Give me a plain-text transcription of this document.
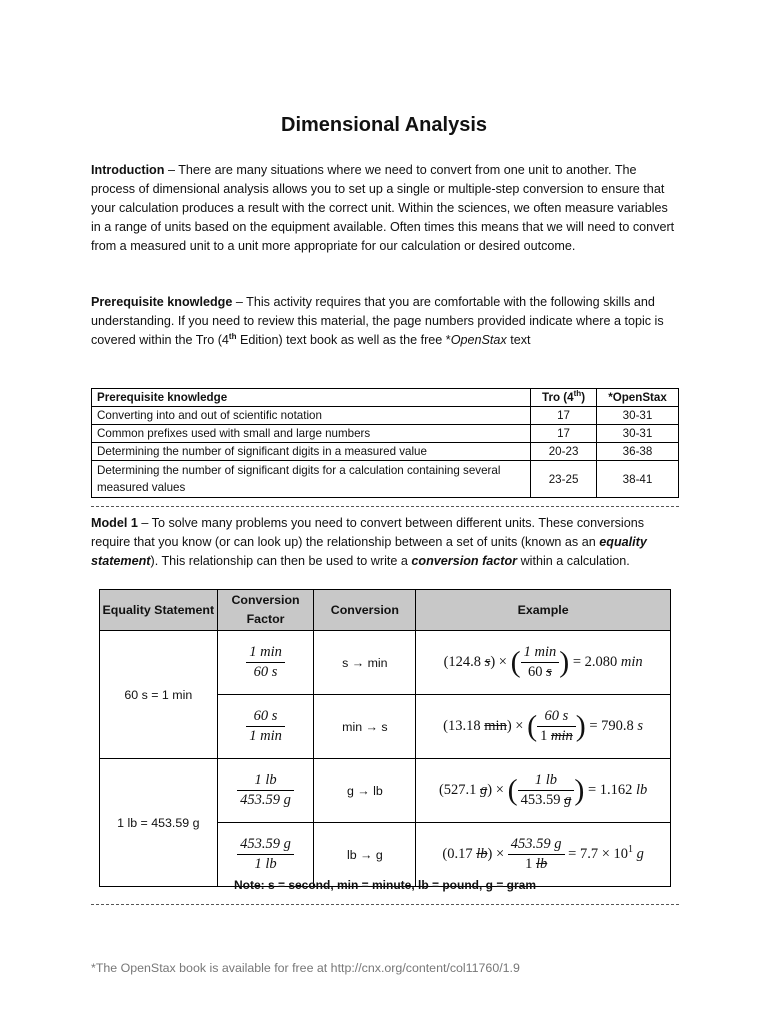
Dimensional Analysis
Introduction – There are many situations where we need to convert from one unit to another. The process of dimensional analysis allows you to set up a single or multiple-step conversion to ensure that your calculation produces a result with the correct unit. Within the sciences, we often measure variables in a range of units based on the equipment available. Often times this means that we will need to convert from a measured unit to a unit more appropriate for our calculation or desired outcome.
Prerequisite knowledge – This activity requires that you are comfortable with the following skills and understanding. If you need to review this material, the page numbers provided indicate where a topic is covered within the Tro (4th Edition) text book as well as the free *OpenStax text
Prerequisite knowledge	Tro (4th)	*OpenStax
Converting into and out of scientific notation	17	30-31
Common prefixes used with small and large numbers	17	30-31
Determining the number of significant digits in a measured value	20-23	36-38
Determining the number of significant digits for a calculation containing several measured values	23-25	38-41
Model 1 – To solve many problems you need to convert between different units. These conversions require that you know (or can look up) the relationship between a set of units (known as an equality statement). This relationship can then be used to write a conversion factor within a calculation.
Equality Statement	Conversion Factor	Conversion	Example
60 s = 1 min	$\frac{1 \min}{60 s}$	s → min	(124.8 s) × ( $\frac{1 \min}{60 s}$ ) = 2.080 min

	$\frac{60 s}{1 \min}$	min → s	(13.18 min) × ( $\frac{60 s}{1 \min}$ ) = 790.8 s
1 lb = 453.59 g	$\frac{1 lb}{453.59 g}$	g → lb	(527.1 g) × ( $\frac{1 lb}{453.59 g}$ ) = 1.162 lb

	$\frac{453.59 g}{1 lb}$	lb → g	(0.17 $lb) \times \frac{453.59 g}{1 lb} = 7.7 \times 10^1$ g
Note: s = second, min = minute, lb = pound, g = gram
*The OpenStax book is available for free at http://cnx.org/content/col11760/1.9
